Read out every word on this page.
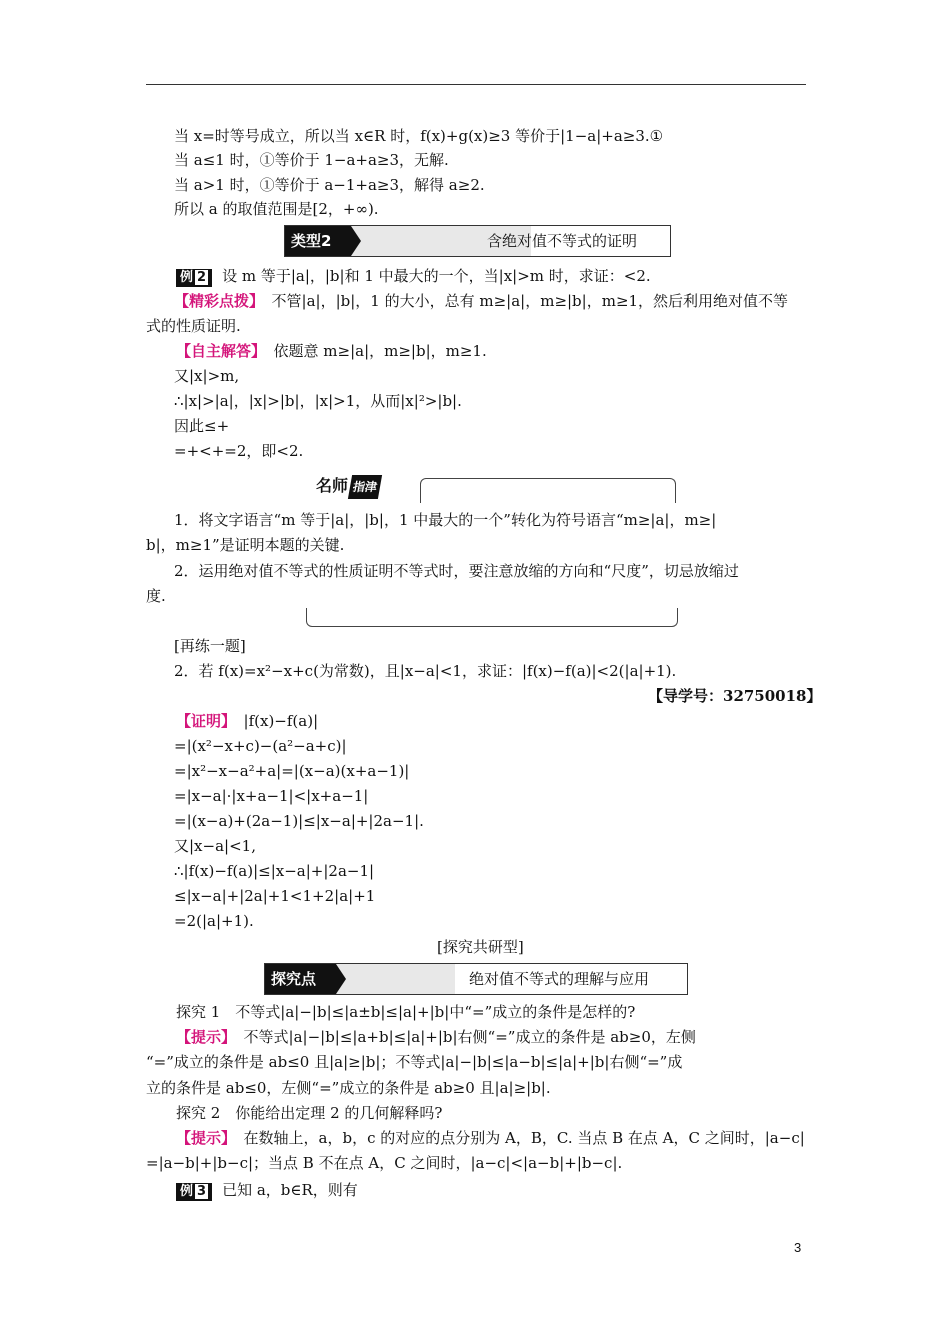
当 x=时等号成立，所以当 x∈R 时，f(x)+g(x)≥3 等价于|1−a|+a≥3.①
当 a≤1 时，①等价于 1−a+a≥3，无解.
当 a>1 时，①等价于 a−1+a≥3，解得 a≥2.
所以 a 的取值范围是[2，+∞).
类型2	含绝对值不等式的证明
例 2 设 m 等于|a|，|b|和 1 中最大的一个，当|x|>m 时，求证：<2.
【精彩点拨】　 不管|a|，|b|，1 的大小，总有 m≥|a|，m≥|b|，m≥1，然后利用绝对值不等
式的性质证明.
【自主解答】　 依题意 m≥|a|，m≥|b|，m≥1.
又|x|>m,
∴|x|>|a|，|x|>|b|，|x|>1，从而|x|²>|b|.
因此≤+
=+<+=2，即<2.
名师 指津
1．将文字语言“m 等于|a|，|b|，1 中最大的一个”转化为符号语言“m≥|a|，m≥|
b|，m≥1”是证明本题的关键.
2．运用绝对值不等式的性质证明不等式时，要注意放缩的方向和“尺度”，切忌放缩过
度.
[再练一题]
2．若 f(x)=x²−x+c(为常数)，且|x−a|<1，求证：|f(x)−f(a)|<2(|a|+1).
【导学号：32750018】
【证明】　 |f(x)−f(a)|
=|(x²−x+c)−(a²−a+c)|
=|x²−x−a²+a|=|(x−a)(x+a−1)|
=|x−a|·|x+a−1|<|x+a−1|
=|(x−a)+(2a−1)|≤|x−a|+|2a−1|.
又|x−a|<1,
∴|f(x)−f(a)|≤|x−a|+|2a−1|
≤|x−a|+|2a|+1<1+2|a|+1
=2(|a|+1).
[探究共研型]
探究点	绝对值不等式的理解与应用
探究 1　不等式|a|−|b|≤|a±b|≤|a|+|b|中“=”成立的条件是怎样的?
【提示】　 不等式|a|−|b|≤|a+b|≤|a|+|b|右侧“=”成立的条件是 ab≥0，左侧
“=”成立的条件是 ab≤0 且|a|≥|b|；不等式|a|−|b|≤|a−b|≤|a|+|b|右侧“=”成
立的条件是 ab≤0，左侧“=”成立的条件是 ab≥0 且|a|≥|b|.
探究 2　你能给出定理 2 的几何解释吗?
【提示】　 在数轴上，a，b，c 的对应的点分别为 A，B，C. 当点 B 在点 A，C 之间时，|a−c|
=|a−b|+|b−c|；当点 B 不在点 A，C 之间时，|a−c|<|a−b|+|b−c|.
例 3 已知 a，b∈R，则有
3
